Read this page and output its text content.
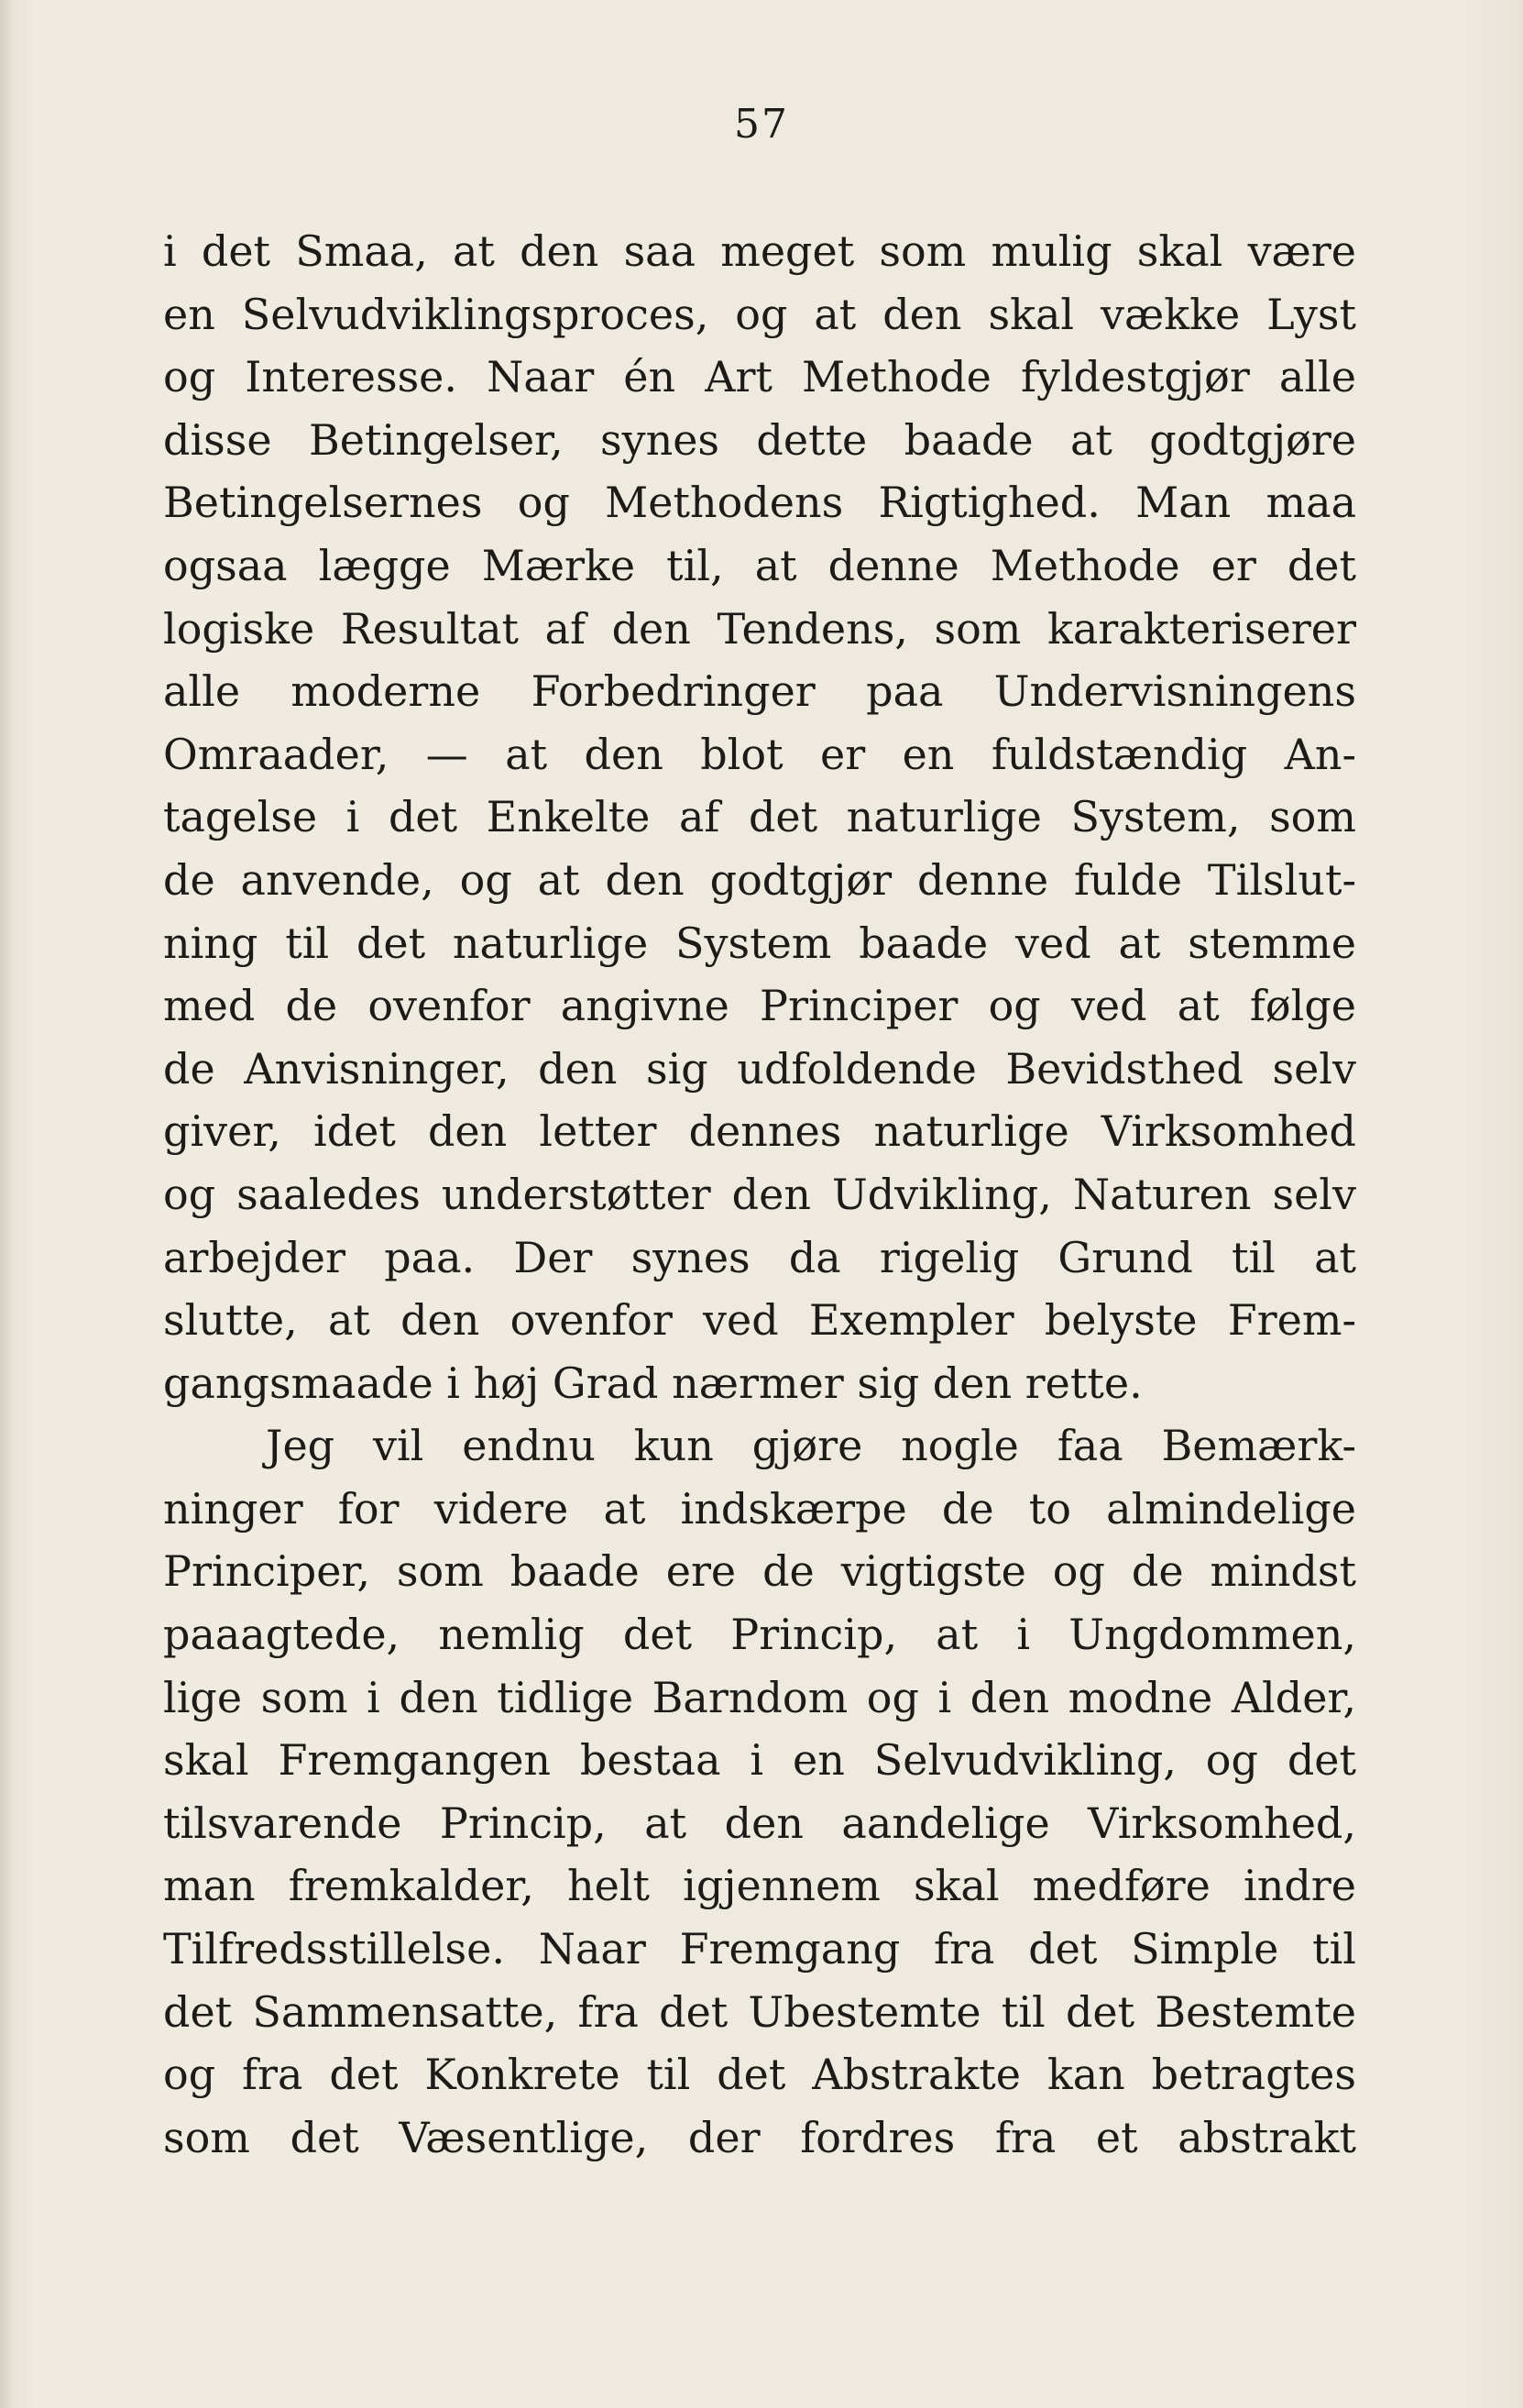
57
i det Smaa, at den saa meget som mulig skal være
en Selvudviklingsproces, og at den skal vække Lyst
og Interesse. Naar én Art Methode fyldestgjør alle
disse Betingelser, synes dette baade at godtgjøre
Betingelsernes og Methodens Rigtighed. Man maa
ogsaa lægge Mærke til, at denne Methode er det
logiske Resultat af den Tendens, som karakteriserer
alle moderne Forbedringer paa Undervisningens
Omraader, — at den blot er en fuldstændig An-
tagelse i det Enkelte af det naturlige System, som
de anvende, og at den godtgjør denne fulde Tilslut-
ning til det naturlige System baade ved at stemme
med de ovenfor angivne Principer og ved at følge
de Anvisninger, den sig udfoldende Bevidsthed selv
giver, idet den letter dennes naturlige Virksomhed
og saaledes understøtter den Udvikling, Naturen selv
arbejder paa. Der synes da rigelig Grund til at
slutte, at den ovenfor ved Exempler belyste Frem-
gangsmaade i høj Grad nærmer sig den rette.
Jeg vil endnu kun gjøre nogle faa Bemærk-
ninger for videre at indskærpe de to almindelige
Principer, som baade ere de vigtigste og de mindst
paaagtede, nemlig det Princip, at i Ungdommen,
lige som i den tidlige Barndom og i den modne Alder,
skal Fremgangen bestaa i en Selvudvikling, og det
tilsvarende Princip, at den aandelige Virksomhed,
man fremkalder, helt igjennem skal medføre indre
Tilfredsstillelse. Naar Fremgang fra det Simple til
det Sammensatte, fra det Ubestemte til det Bestemte
og fra det Konkrete til det Abstrakte kan betragtes
som det Væsentlige, der fordres fra et abstrakt
